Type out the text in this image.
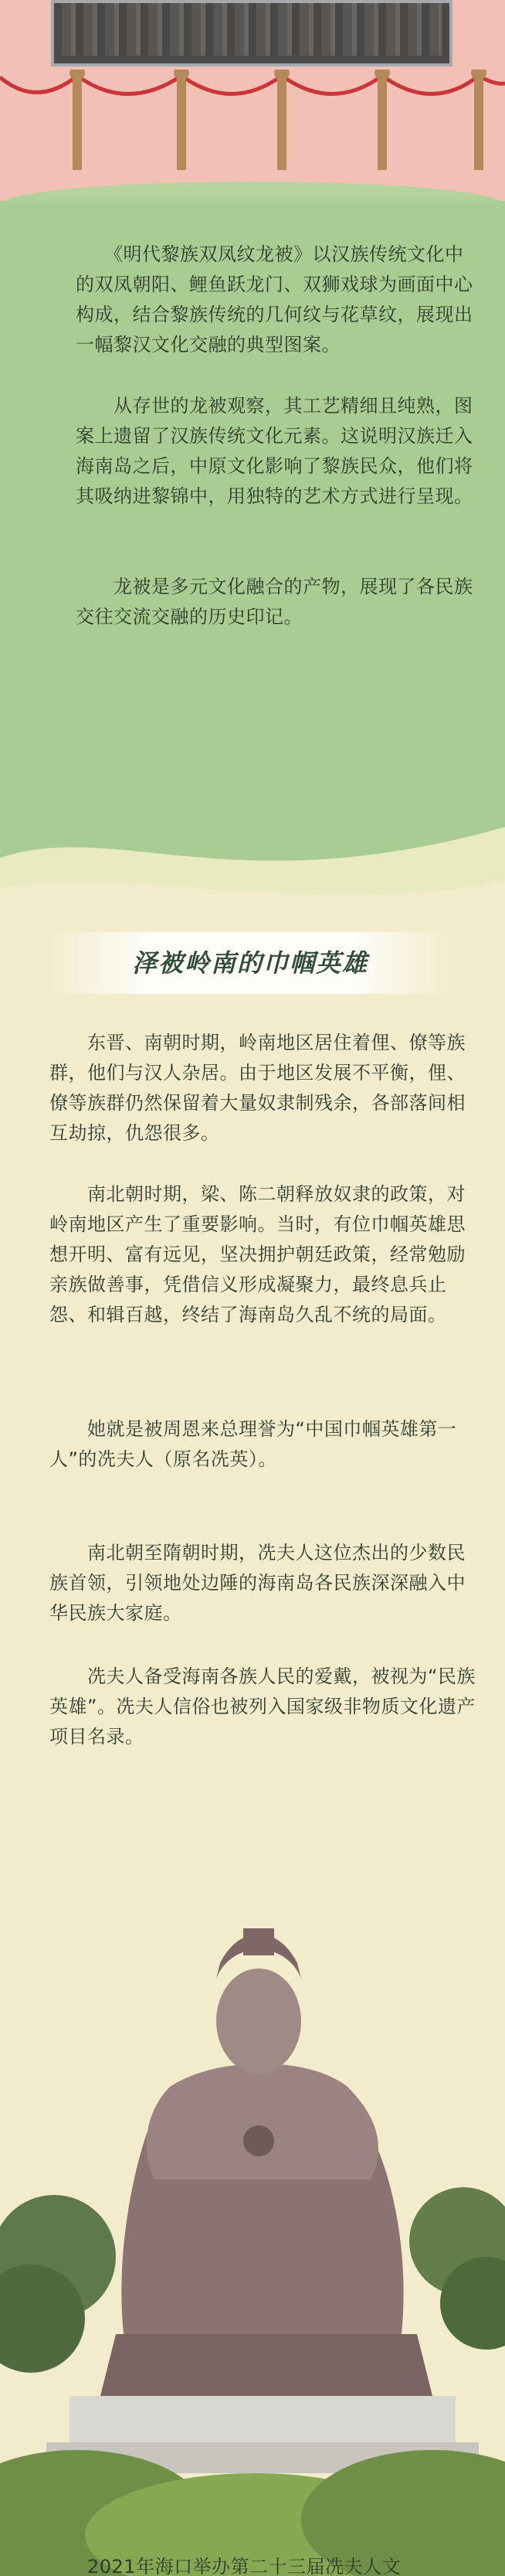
　　《明代黎族双凤纹龙被》以汉族传统文化中的双凤朝阳、鲤鱼跃龙门、双狮戏球为画面中心构成，结合黎族传统的几何纹与花草纹，展现出一幅黎汉文化交融的典型图案。
　　从存世的龙被观察，其工艺精细且纯熟，图案上遗留了汉族传统文化元素。这说明汉族迁入海南岛之后，中原文化影响了黎族民众，他们将其吸纳进黎锦中，用独特的艺术方式进行呈现。
　　龙被是多元文化融合的产物，展现了各民族交往交流交融的历史印记。
泽被岭南的巾帼英雄
　　东晋、南朝时期，岭南地区居住着俚、僚等族群，他们与汉人杂居。由于地区发展不平衡，俚、僚等族群仍然保留着大量奴隶制残余，各部落间相互劫掠，仇怨很多。
　　南北朝时期，梁、陈二朝释放奴隶的政策，对岭南地区产生了重要影响。当时，有位巾帼英雄思想开明、富有远见，坚决拥护朝廷政策，经常勉励亲族做善事，凭借信义形成凝聚力，最终息兵止怨、和辑百越，终结了海南岛久乱不统的局面。
　　她就是被周恩来总理誉为“中国巾帼英雄第一人”的冼夫人（原名冼英）。
　　南北朝至隋朝时期，冼夫人这位杰出的少数民族首领，引领地处边陲的海南岛各民族深深融入中华民族大家庭。
　　冼夫人备受海南各族人民的爱戴，被视为“民族英雄”。冼夫人信俗也被列入国家级非物质文化遗产项目名录。
　　2021年海口举办第二十三届冼夫人文
